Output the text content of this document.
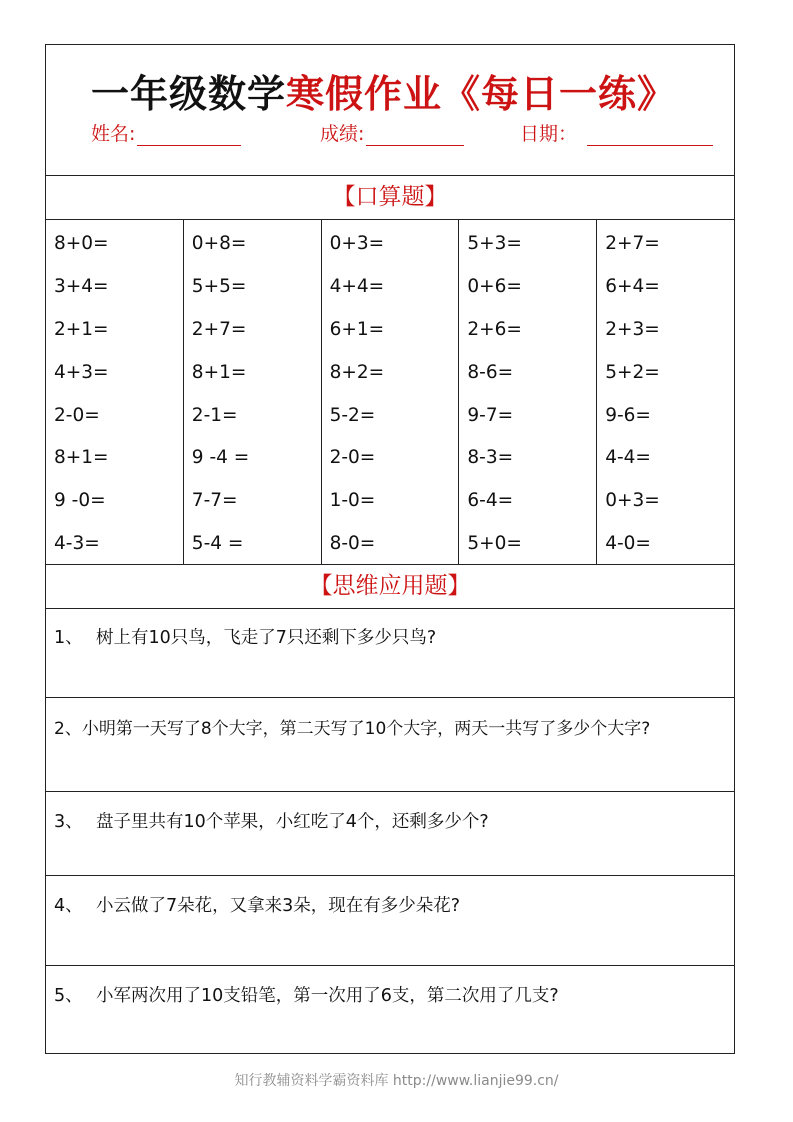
一年级数学寒假作业《每日一练》
姓名:	成绩:	日期：
【口算题】
8+0=
3+4=
2+1=
4+3=
2-0=
8+1=
9 -0=
4-3=
0+8=
5+5=
2+7=
8+1=
2-1=
9 -4 =
7-7=
5-4 =
0+3=
4+4=
6+1=
8+2=
5-2=
2-0=
1-0=
8-0=
5+3=
0+6=
2+6=
8-6=
9-7=
8-3=
6-4=
5+0=
2+7=
6+4=
2+3=
5+2=
9-6=
4-4=
0+3=
4-0=
【思维应用题】
1、 树上有10只鸟，飞走了7只还剩下多少只鸟?
2、小明第一天写了8个大字，第二天写了10个大字，两天一共写了多少个大字?
3、 盘子里共有10个苹果，小红吃了4个，还剩多少个?
4、 小云做了7朵花，又拿来3朵，现在有多少朵花?
5、 小军两次用了10支铅笔，第一次用了6支，第二次用了几支?
知行教辅资料学霸资料库 http://www.lianjie99.cn/
